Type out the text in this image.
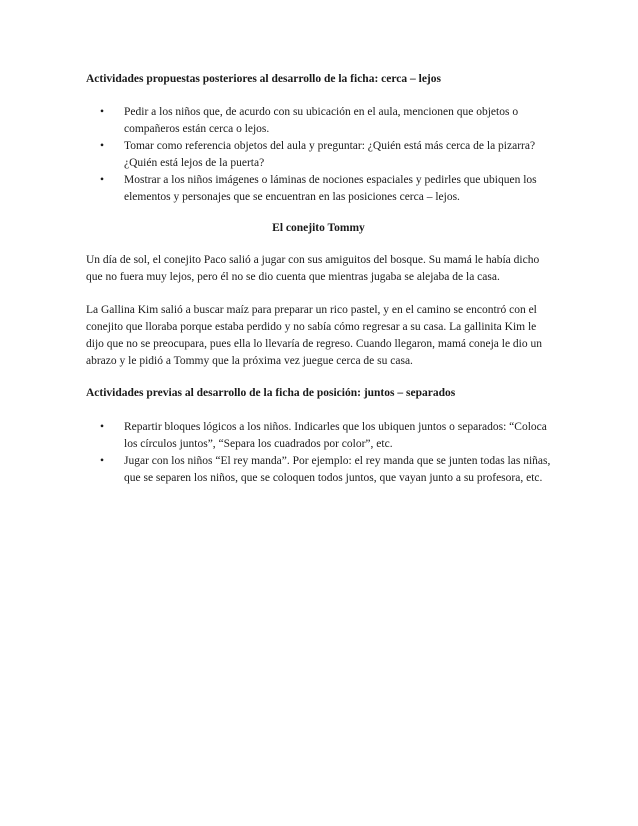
Actividades propuestas posteriores al desarrollo de la ficha: cerca – lejos

• Pedir a los niños que, de acurdo con su ubicación en el aula, mencionen que objetos o compañeros están cerca o lejos.
• Tomar como referencia objetos del aula y preguntar: ¿Quién está más cerca de la pizarra? ¿Quién está lejos de la puerta?
• Mostrar a los niños imágenes o láminas de nociones espaciales y pedirles que ubiquen los elementos y personajes que se encuentran en las posiciones cerca – lejos.

El conejito Tommy

Un día de sol, el conejito Paco salió a jugar con sus amiguitos del bosque. Su mamá le había dicho que no fuera muy lejos, pero él no se dio cuenta que mientras jugaba se alejaba de la casa.

La Gallina Kim salió a buscar maíz para preparar un rico pastel, y en el camino se encontró con el conejito que lloraba porque estaba perdido y no sabía cómo regresar a su casa. La gallinita Kim le dijo que no se preocupara, pues ella lo llevaría de regreso. Cuando llegaron, mamá coneja le dio un abrazo y le pidió a Tommy que la próxima vez juegue cerca de su casa.

Actividades previas al desarrollo de la ficha de posición: juntos – separados

• Repartir bloques lógicos a los niños. Indicarles que los ubiquen juntos o separados: “Coloca los círculos juntos”, “Separa los cuadrados por color”, etc.
• Jugar con los niños “El rey manda”. Por ejemplo: el rey manda que se junten todas las niñas, que se separen los niños, que se coloquen todos juntos, que vayan junto a su profesora, etc.
